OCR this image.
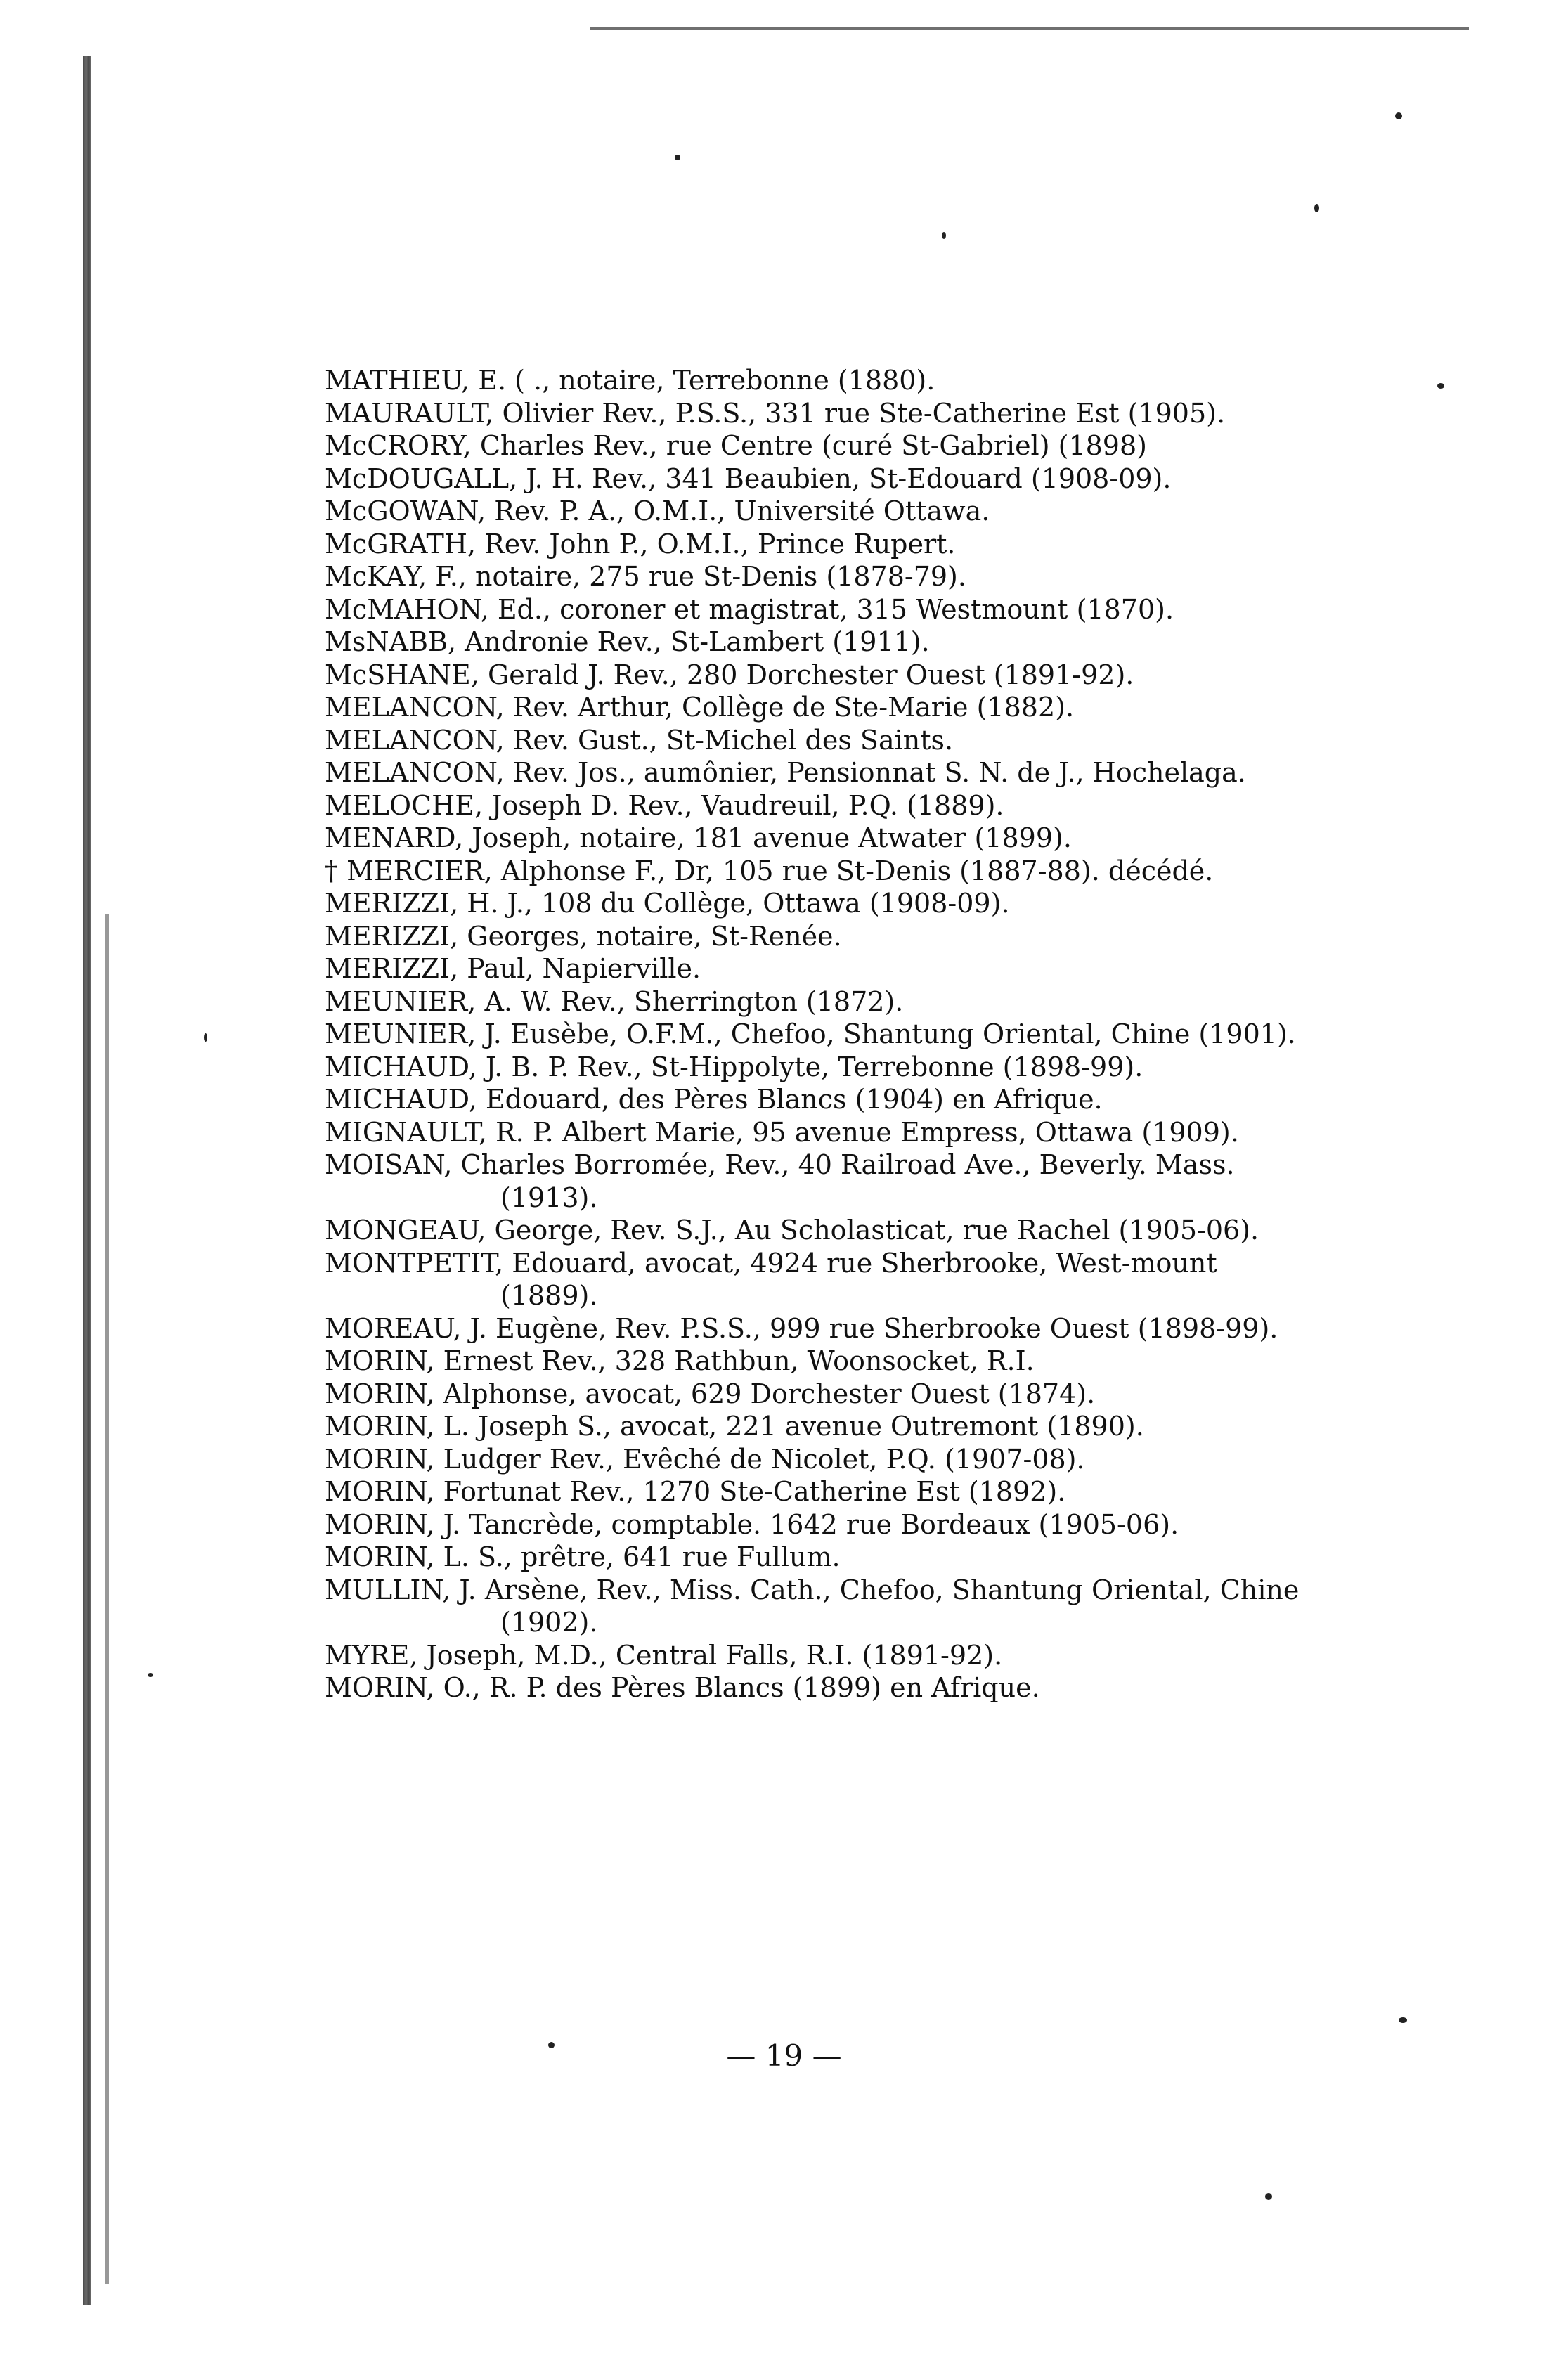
MATHIEU, E. ( ., notaire, Terrebonne (1880).

MAURAULT, Olivier Rev., P.S.S., 331 rue Ste-Catherine Est (1905).

McCRORY, Charles Rev., rue Centre (curé St-Gabriel) (1898)

McDOUGALL, J. H. Rev., 341 Beaubien, St-Edouard (1908-09).

McGOWAN, Rev. P. A., O.M.I., Université Ottawa.

McGRATH, Rev. John P., O.M.I., Prince Rupert.

McKAY, F., notaire, 275 rue St-Denis (1878-79).

McMAHON, Ed., coroner et magistrat, 315 Westmount (1870).

MsNABB, Andronie Rev., St-Lambert (1911).

McSHANE, Gerald J. Rev., 280 Dorchester Ouest (1891-92).

MELANCON, Rev. Arthur, Collège de Ste-Marie (1882).

MELANCON, Rev. Gust., St-Michel des Saints.

MELANCON, Rev. Jos., aumônier, Pensionnat S. N. de J., Hochelaga.

MELOCHE, Joseph D. Rev., Vaudreuil, P.Q. (1889).

MENARD, Joseph, notaire, 181 avenue Atwater (1899).

† MERCIER, Alphonse F., Dr, 105 rue St-Denis (1887-88). décédé.

MERIZZI, H. J., 108 du Collège, Ottawa (1908-09).

MERIZZI, Georges, notaire, St-Renée.

MERIZZI, Paul, Napierville.

MEUNIER, A. W. Rev., Sherrington (1872).

MEUNIER, J. Eusèbe, O.F.M., Chefoo, Shantung Oriental, Chine (1901).

MICHAUD, J. B. P. Rev., St-Hippolyte, Terrebonne (1898-99).

MICHAUD, Edouard, des Pères Blancs (1904) en Afrique.

MIGNAULT, R. P. Albert Marie, 95 avenue Empress, Ottawa (1909).

MOISAN, Charles Borromée, Rev., 40 Railroad Ave., Beverly. Mass. (1913).

MONGEAU, George, Rev. S.J., Au Scholasticat, rue Rachel (1905-06).

MONTPETIT, Edouard, avocat, 4924 rue Sherbrooke, West-mount (1889).

MOREAU, J. Eugène, Rev. P.S.S., 999 rue Sherbrooke Ouest (1898-99).

MORIN, Ernest Rev., 328 Rathbun, Woonsocket, R.I.

MORIN, Alphonse, avocat, 629 Dorchester Ouest (1874).

MORIN, L. Joseph S., avocat, 221 avenue Outremont (1890).

MORIN, Ludger Rev., Evêché de Nicolet, P.Q. (1907-08).

MORIN, Fortunat Rev., 1270 Ste-Catherine Est (1892).

MORIN, J. Tancrède, comptable. 1642 rue Bordeaux (1905-06).

MORIN, L. S., prêtre, 641 rue Fullum.

MULLIN, J. Arsène, Rev., Miss. Cath., Chefoo, Shantung Oriental, Chine (1902).

MYRE, Joseph, M.D., Central Falls, R.I. (1891-92).

MORIN, O., R. P. des Pères Blancs (1899) en Afrique.

— 19 —
